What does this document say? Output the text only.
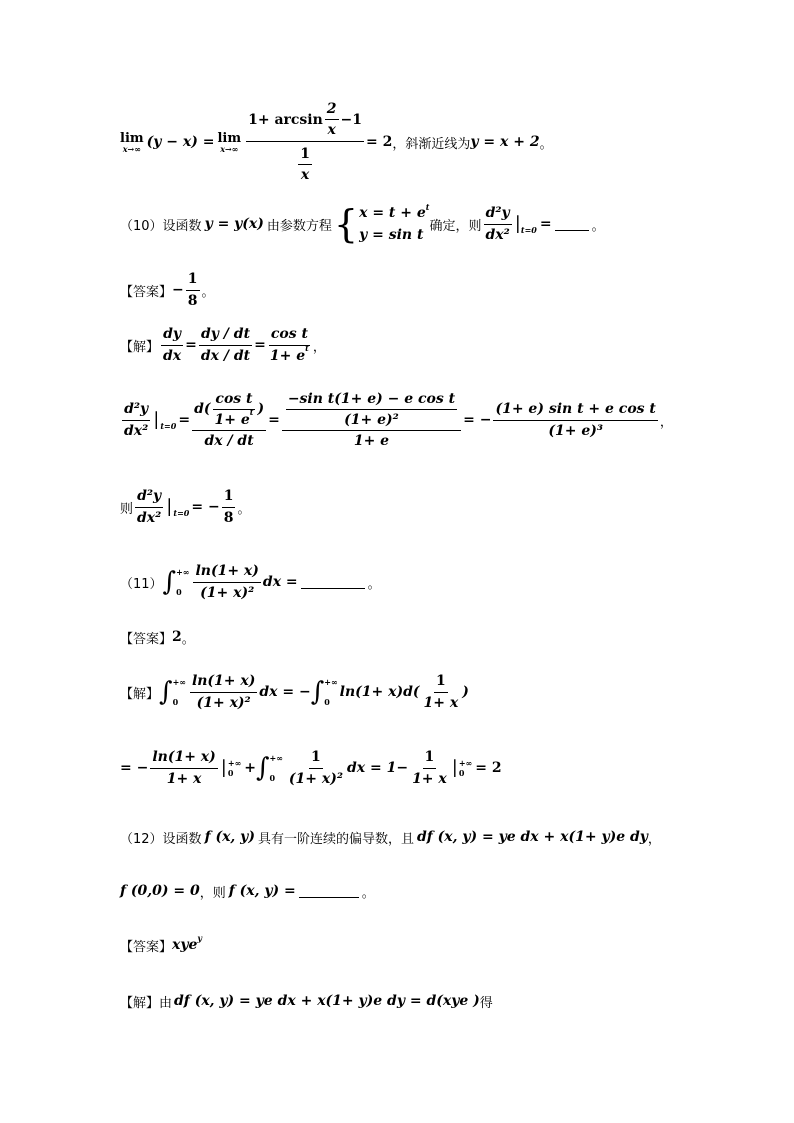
lim
x→∞ (y − x) = lim
$x\to\infty \frac{1+ \arcsin \frac{2}{x} -1}{\frac{1}{x}} = 2$ ，斜渐近线为 y = x + 2 。
（10） 设函数 y = y(x) 由参数方程 { $x = t + e^t$
y = sin t
确定，则 $\frac{\text{d²y}}{\text{dx²}}$ | t=0 =	。
【答案】 − $\frac{1}{8}$ 。
【解】 $\frac{dy}{dx} = \frac{dy / dt}{dx / dt} = \frac{\text{cos t}}{\text{1+ e t}}$ ，
$\frac{\text{d²y}}{\text{dx²}}$ | $t=0 = \frac{d( \frac{\text{cos t}}{\text{1+ e t}} )}{dx / dt} = \frac{\frac{\text{−sin t(1+ e) − e cos t}}{\text{(1+ e)²}}}{1+ e}$ = − $\frac{\text{(1+ e) sin t + e cos t}}{\text{(1+ e)³}}$ ，
则 $\frac{\text{d²y}}{\text{dx²}}$ | t=0 = − $\frac{1}{8}$ 。
（11） ∫ +∞
$0 \frac{\ln(1+ x)}{\text{(1+ x)²}}$ dx =	。
【答案】 2 。
【解】 ∫ +∞
$0 \frac{\ln(1+ x)}{\text{(1+ x)²}}$ dx = − ∫ +∞
0
$\ln(1+ x)d( \frac{1}{1+ x}$ )
= − $\frac{\ln(1+ x)}{1+ x}$ | +∞
0 + ∫ +∞
$0 \frac{1}{\text{(1+ x)²}}$ dx = $1- \frac{1}{1+ x}$ | +∞
0 = 2
（12） 设函数 f (x, y) 具有一阶连续的偏导数，且 df (x, y) = ye dx + x(1+ y)e dy ，
f (0,0) = 0 ，则 f (x, y) =	。
【答案】 xye y
【解】由 df (x, y) = ye dx + x(1+ y)e dy = d(xye ) 得
